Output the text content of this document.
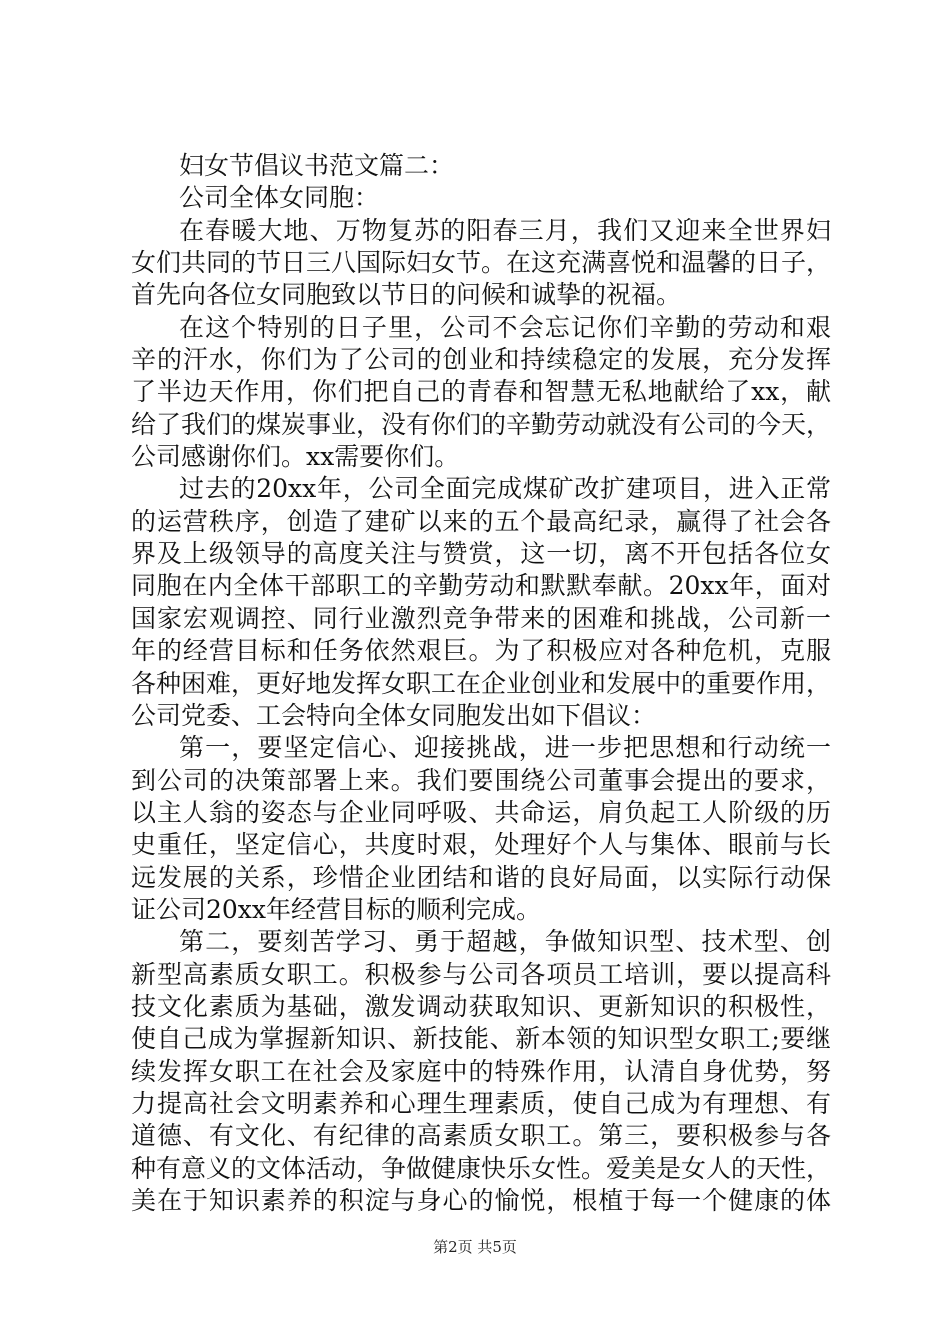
妇女节倡议书范文篇二：
公司全体女同胞：
在春暖大地、万物复苏的阳春三月，我们又迎来全世界妇
女们共同的节日三八国际妇女节。在这充满喜悦和温馨的日子，
首先向各位女同胞致以节日的问候和诚挚的祝福。
在这个特别的日子里，公司不会忘记你们辛勤的劳动和艰
辛的汗水，你们为了公司的创业和持续稳定的发展，充分发挥
了半边天作用，你们把自己的青春和智慧无私地献给了xx，献
给了我们的煤炭事业，没有你们的辛勤劳动就没有公司的今天，
公司感谢你们。xx需要你们。
过去的20xx年，公司全面完成煤矿改扩建项目，进入正常
的运营秩序，创造了建矿以来的五个最高纪录，赢得了社会各
界及上级领导的高度关注与赞赏，这一切，离不开包括各位女
同胞在内全体干部职工的辛勤劳动和默默奉献。20xx年，面对
国家宏观调控、同行业激烈竞争带来的困难和挑战，公司新一
年的经营目标和任务依然艰巨。为了积极应对各种危机，克服
各种困难，更好地发挥女职工在企业创业和发展中的重要作用，
公司党委、工会特向全体女同胞发出如下倡议：
第一，要坚定信心、迎接挑战，进一步把思想和行动统一
到公司的决策部署上来。我们要围绕公司董事会提出的要求，
以主人翁的姿态与企业同呼吸、共命运，肩负起工人阶级的历
史重任，坚定信心，共度时艰，处理好个人与集体、眼前与长
远发展的关系，珍惜企业团结和谐的良好局面，以实际行动保
证公司20xx年经营目标的顺利完成。
第二，要刻苦学习、勇于超越，争做知识型、技术型、创
新型高素质女职工。积极参与公司各项员工培训，要以提高科
技文化素质为基础，激发调动获取知识、更新知识的积极性，
使自己成为掌握新知识、新技能、新本领的知识型女职工;要继
续发挥女职工在社会及家庭中的特殊作用，认清自身优势，努
力提高社会文明素养和心理生理素质，使自己成为有理想、有
道德、有文化、有纪律的高素质女职工。第三，要积极参与各
种有意义的文体活动，争做健康快乐女性。爱美是女人的天性，
美在于知识素养的积淀与身心的愉悦，根植于每一个健康的体
第2页 共5页
